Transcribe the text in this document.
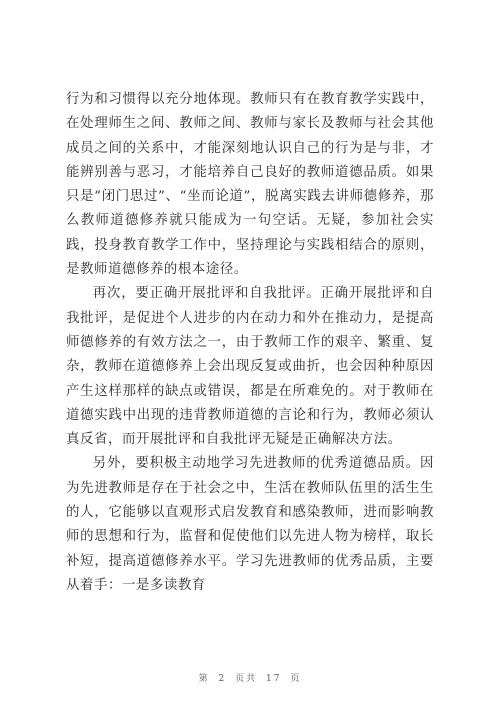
行为和习惯得以充分地体现。教师只有在教育教学实践中，在处理师生之间、教师之间、教师与家长及教师与社会其他成员之间的关系中，才能深刻地认识自己的行为是与非，才能辨别善与恶习，才能培养自己良好的教师道德品质。如果只是“闭门思过”、“坐而论道”，脱离实践去讲师德修养，那么教师道德修养就只能成为一句空话。无疑，参加社会实践，投身教育教学工作中，坚持理论与实践相结合的原则，是教师道德修养的根本途径。

再次，要正确开展批评和自我批评。正确开展批评和自我批评，是促进个人进步的内在动力和外在推动力，是提高师德修养的有效方法之一，由于教师工作的艰辛、繁重、复杂，教师在道德修养上会出现反复或曲折，也会因种种原因产生这样那样的缺点或错误，都是在所难免的。对于教师在道德实践中出现的违背教师道德的言论和行为，教师必须认真反省，而开展批评和自我批评无疑是正确解决方法。

另外，要积极主动地学习先进教师的优秀道德品质。因为先进教师是存在于社会之中，生活在教师队伍里的活生生的人，它能够以直观形式启发教育和感染教师，进而影响教师的思想和行为，监督和促使他们以先进人物为榜样，取长补短，提高道德修养水平。学习先进教师的优秀品质，主要从着手：一是多读教育

第 2 页共 17 页
